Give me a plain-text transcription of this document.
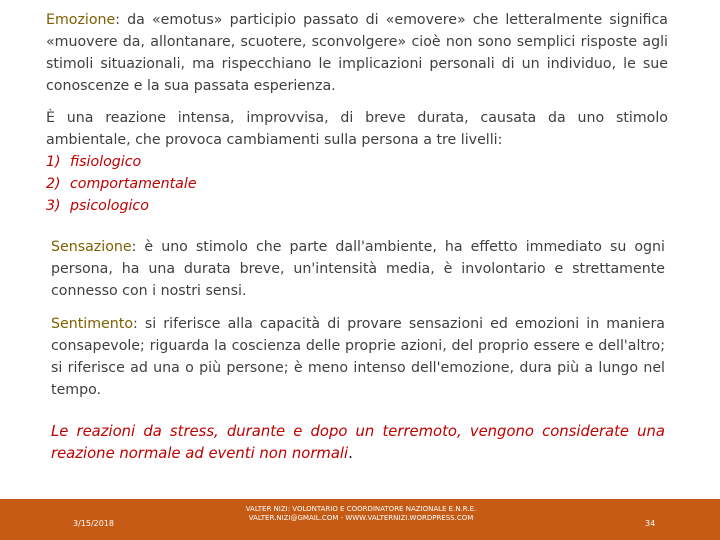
Emozione: da «emotus» participio passato di «emovere» che letteralmente significa «muovere da, allontanare, scuotere, sconvolgere» cioè non sono semplici risposte agli stimoli situazionali, ma rispecchiano le implicazioni personali di un individuo, le sue conoscenze e la sua passata esperienza.

È una reazione intensa, improvvisa, di breve durata, causata da uno stimolo ambientale, che provoca cambiamenti sulla persona a tre livelli:

1) fisiologico
2) comportamentale
3) psicologico

Sensazione: è uno stimolo che parte dall'ambiente, ha effetto immediato su ogni persona, ha una durata breve, un'intensità media, è involontario e strettamente connesso con i nostri sensi.

Sentimento: si riferisce alla capacità di provare sensazioni ed emozioni in maniera consapevole; riguarda la coscienza delle proprie azioni, del proprio essere e dell'altro; si riferisce ad una o più persone; è meno intenso dell'emozione, dura più a lungo nel tempo.

Le reazioni da stress, durante e dopo un terremoto, vengono considerate una reazione normale ad eventi non normali.

3/15/2018
VALTER NIZI: VOLONTARIO E COORDINATORE NAZIONALE E.N.R.E.
VALTER.NIZI@GMAIL.COM - WWW.VALTERNIZI.WORDPRESS.COM
34
